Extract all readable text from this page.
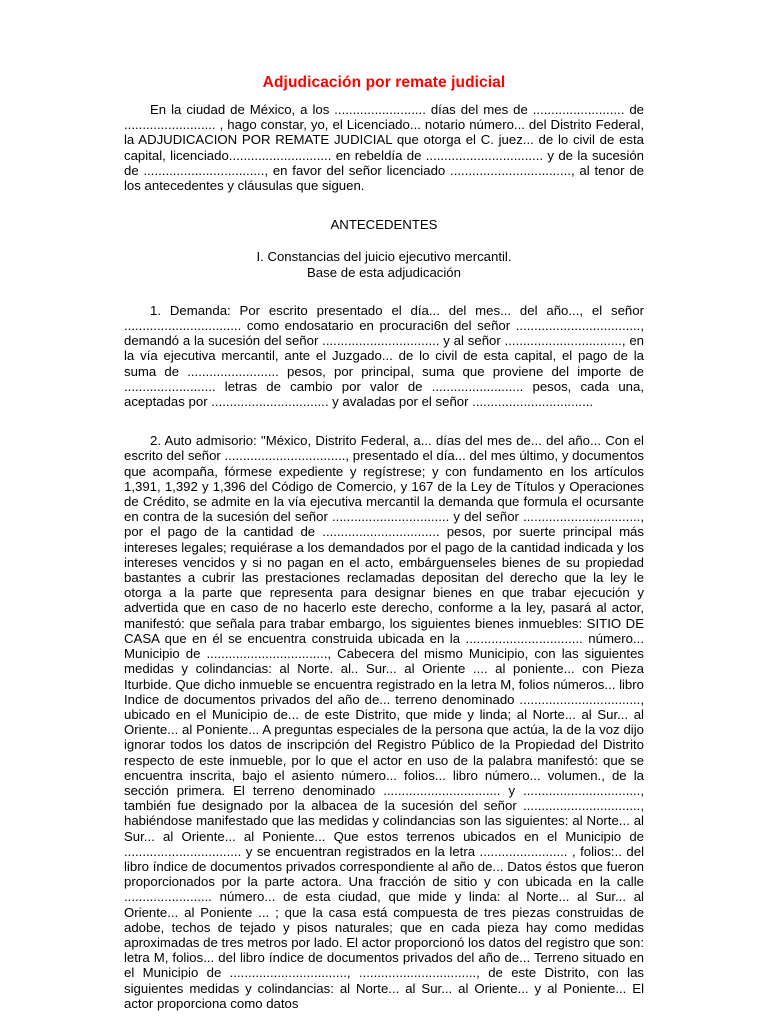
Adjudicación por remate judicial

En la ciudad de México, a los ......................... días del mes de ......................... de ......................... , hago constar, yo, el Licenciado... notario número... del Distrito Federal, la ADJUDICACION POR REMATE JUDICIAL que otorga el C. juez... de lo civil de esta capital, licenciado............................ en rebeldía de ................................ y de la sucesión de ................................., en favor del señor licenciado ................................., al tenor de los antecedentes y cláusulas que siguen.

ANTECEDENTES

I. Constancias del juicio ejecutivo mercantil.
Base de esta adjudicación

1. Demanda: Por escrito presentado el día... del mes... del año..., el señor ................................ como endosatario en procuraci6n del señor .................................., demandó a la sucesión del señor ................................ y al señor ................................, en la vía ejecutiva mercantil, ante el Juzgado... de lo civil de esta capital, el pago de la suma de ......................... pesos, por principal, suma que proviene del importe de ......................... letras de cambio por valor de ......................... pesos, cada una, aceptadas por ................................ y avaladas por el señor .................................

2. Auto admisorio: "México, Distrito Federal, a... días del mes de... del año... Con el escrito del señor ................................., presentado el día... del mes último, y documentos que acompaña, fórmese expediente y regístrese; y con fundamento en los artículos 1,391, 1,392 y 1,396 del Código de Comercio, y 167 de la Ley de Títulos y Operaciones de Crédito, se admite en la vía ejecutiva mercantil la demanda que formula el ocursante en contra de la sucesión del señor ................................ y del señor ................................, por el pago de la cantidad de ................................ pesos, por suerte principal más intereses legales; requiérase a los demandados por el pago de la cantidad indicada y los intereses vencidos y si no pagan en el acto, embárguenseles bienes de su propiedad bastantes a cubrir las prestaciones reclamadas depositan del derecho que la ley le otorga a la parte que representa para designar bienes en que trabar ejecución y advertida que en caso de no hacerlo este derecho, conforme a la ley, pasará al actor, manifestó: que señala para trabar embargo, los siguientes bienes inmuebles: SITIO DE CASA que en él se encuentra construida ubicada en la ................................ número... Municipio de ................................., Cabecera del mismo Municipio, con las siguientes medidas y colindancias: al Norte. al.. Sur... al Oriente .... al poniente... con Pieza Iturbide. Que dicho inmueble se encuentra registrado en la letra M, folios números... libro Indice de documentos privados del año de... terreno denominado ................................., ubicado en el Municipio de... de este Distrito, que mide y linda; al Norte... al Sur... al Oriente... al Poniente... A preguntas especiales de la persona que actúa, la de la voz dijo ignorar todos los datos de inscripción del Registro Público de la Propiedad del Distrito respecto de este inmueble, por lo que el actor en uso de la palabra manifestó: que se encuentra inscrita, bajo el asiento número... folios... libro número... volumen., de la sección primera. El terreno denominado ................................ y ................................, también fue designado por la albacea de la sucesión del señor ................................, habiéndose manifestado que las medidas y colindancias son las siguientes: al Norte... al Sur... al Oriente... al Poniente... Que estos terrenos ubicados en el Municipio de ................................ y se encuentran registrados en la letra ........................ , folios:.. del libro índice de documentos privados correspondiente al año de... Datos éstos que fueron proporcionados por la parte actora. Una fracción de sitio y con ubicada en la calle ........................ número... de esta ciudad, que mide y linda: al Norte... al Sur... al Oriente... al Poniente ... ; que la casa está compuesta de tres piezas construidas de adobe, techos de tejado y pisos naturales; que en cada pieza hay como medidas aproximadas de tres metros por lado. El actor proporcionó los datos del registro que son: letra M, folios... del libro índice de documentos privados del año de... Terreno situado en el Municipio de ................................, ................................, de este Distrito, con las siguientes medidas y colindancias: al Norte... al Sur... al Oriente... y al Poniente... El actor proporciona como datos
